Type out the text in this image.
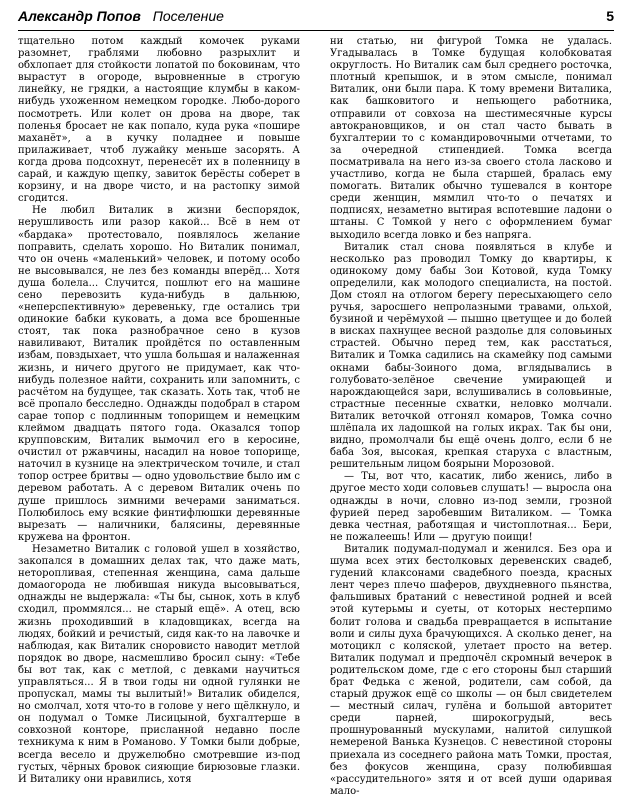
Александр Попов Поселение	5

тщательно потом каждый комочек руками разомнет, граблями любовно разрыхлит и обхлопает для стойкости лопатой по боковинам, что вырастут в огороде, выровненные в строгую линейку, не грядки, а настоящие клумбы в каком-нибудь ухоженном немецком городке. Любо-дорого посмотреть. Или колет он дрова на дворе, так поленья бросает не как попало, куда рука «пошире маханёт», а в кучку поладнее и повыше прилаживает, чтоб лужайку меньше засорять. А когда дрова подсохнут, перенесёт их в поленницу в сарай, и каждую щепку, завиток берёсты соберет в корзину, и на дворе чисто, и на растопку зимой сгодится.

Не любил Виталик в жизни беспорядок, нерушливость или разор какой... Всё в нем от «бардака» протестовало, появлялось желание поправить, сделать хорошо. Но Виталик понимал, что он очень «маленький» человек, и потому особо не высовывался, не лез без команды вперёд... Хотя душа болела... Случится, пошлют его на машине сено перевозить куда-нибудь в дальнюю, «неперспективную» деревеньку, где остались три одинокие бабки куковать, а дома все брошенные стоят, так пока разнобрачное сено в кузов навиливают, Виталик пройдётся по оставленным избам, повздыхает, что ушла большая и налаженная жизнь, и ничего другого не придумает, как что-нибудь полезное найти, сохранить или запомнить, с расчётом на будущее, так сказать. Хоть так, чтоб не всё пропало бесследно. Однажды подобрал в старом сарае топор с подлинным топорищем и немецким клеймом двадцать пятого года. Оказался топор крупповским, Виталик вымочил его в керосине, очистил от ржавчины, насадил на новое топорище, наточил в кузнице на электрическом точиле, и стал топор острее бритвы — одно удовольствие было им с деревом работать. А с деревом Виталик очень по душе пришлось зимними вечерами заниматься. Полюбилось ему всякие финтифлюшки деревянные вырезать — наличники, балясины, деревянные кружева на фронтон.

Незаметно Виталик с головой ушел в хозяйство, закопался в домашних делах так, что даже мать, неторопливая, степенная женщина, сама дальше домаогорода не любившая никуда высовываться, однажды не выдержала: «Ты бы, сынок, хоть в клуб сходил, проммялся... не старый ещё». А отец, всю жизнь проходивший в кладовщиках, всегда на людях, бойкий и речистый, сидя как-то на лавочке и наблюдая, как Виталик сноровисто наводит метлой порядок во дворе, насмешливо бросил сыну: «Тебе бы вот так, как с метлой, с девками научиться управляться... Я в твои годы ни одной гулянки не пропускал, мамы ты вылитый!» Виталик обиделся, но смолчал, хотя что-то в голове у него щёлкнуло, и он подумал о Томке Лисицыной, бухгалтерше в совхозной конторе, присланной недавно после техникума к ним в Романово. У Томки были добрые, всегда весело и дружелюбно смотревшие из-под густых, чёрных бровок сияющие бирюзовые глазки. И Виталику они нравились, хотя

ни статью, ни фигурой Томка не удалась. Угадывалась в Томке будущая колобковатая округлость. Но Виталик сам был среднего росточка, плотный крепышок, и в этом смысле, понимал Виталик, они были пара. К тому времени Виталика, как башковитого и непьющего работника, отправили от совхоза на шестимесячные курсы автокрановщиков, и он стал часто бывать в бухгалтерии то с командировочными отчетами, то за очередной стипендией. Томка всегда посматривала на него из-за своего стола ласково и участливо, когда не была старшей, бралась ему помогать. Виталик обычно тушевался в конторе среди женщин, мямлил что-то о печатях и подписях, незаметно вытирая вспотевшие ладони о штаны. С Томкой у него с оформлением бумаг выходило всегда ловко и без напряга.

Виталик стал снова появляться в клубе и несколько раз проводил Томку до квартиры, к одинокому дому бабы Зои Котовой, куда Томку определили, как молодого специалиста, на постой. Дом стоял на отлогом берегу пересыхающего село ручья, заросшего непролазными травами, ольхой, бузиной и черёмухой — пышно цветущее и до болей в висках пахнущее весной раздолье для соловьиных страстей. Обычно перед тем, как расстаться, Виталик и Томка садились на скамейку под самыми окнами бабы-Зоиного дома, вглядывались в голубовато-зелёное свечение умирающей и нарождающейся зари, вслушивались в соловьиные, страстные песенные схватки, неловко молчали. Виталик веточкой отгонял комаров, Томка сочно шлёпала их ладошкой на голых икрах. Так бы они, видно, промолчали бы ещё очень долго, если б не баба Зоя, высокая, крепкая старуха с властным, решительным лицом боярыни Морозовой.

— Ты, вот что, касатик, либо женись, либо в другое место ходи соловьев слушать! — выросла она однажды в ночи, словно из-под земли, грозной фурией перед заробевшим Виталиком. — Томка девка честная, работящая и чистоплотная... Бери, не пожалеешь! Или — другую поищи!

Виталик подумал-подумал и женился. Без ора и шума всех этих бестолковых деревенских свадеб, гудений клаксонами свадебного поезда, красных лент через плечо шаферов, двухдневного пьянства, фальшивых братаний с невестиной родней и всей этой кутерьмы и суеты, от которых нестерпимо болит голова и свадьба превращается в испытание воли и силы духа брачующихся. А сколько денег, на мотоцикл с коляской, улетает просто на ветер. Виталик подумал и предпочёл скромный вечерок в родительском доме, где с его стороны был старший брат Федька с женой, родители, сам собой, да старый дружок ещё со школы — он был свидетелем — местный силач, гулёна и большой авторитет среди парней, широкогрудый, весь прошнурованный мускулами, налитой силушкой немереной Ванька Кузнецов. С невестиной стороны приехала из соседнего района мать Томки, простая, без фокусов женщина, сразу полюбившая «рассудительного» зятя и от всей души одаривая мало-
